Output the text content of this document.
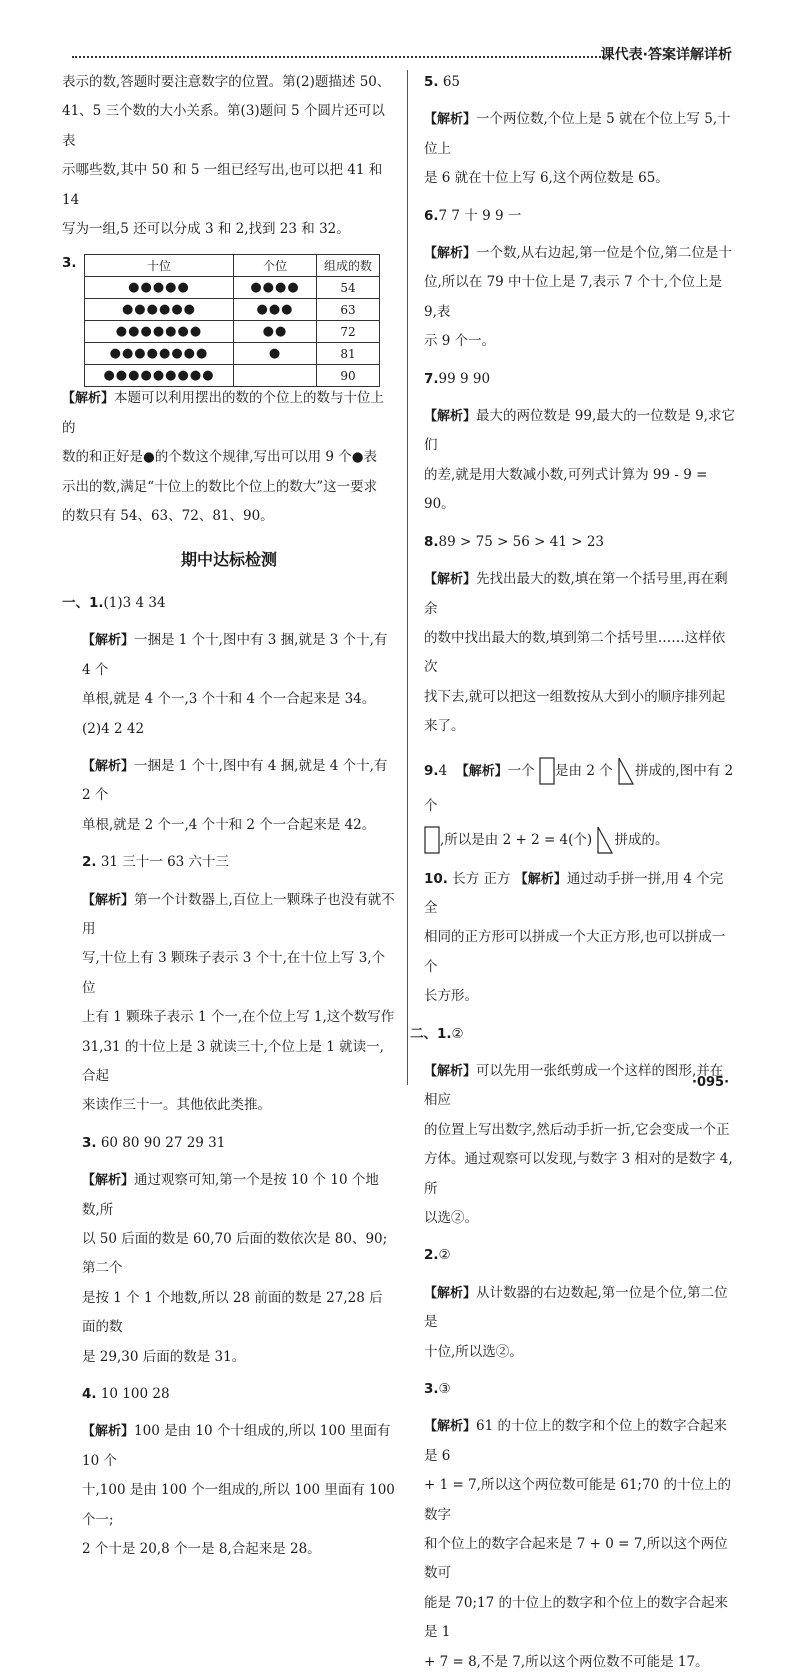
课代表·答案详解详析

表示的数,答题时要注意数字的位置。第(2)题描述 50、

41、5 三个数的大小关系。第(3)题问 5 个圆片还可以表

示哪些数,其中 50 和 5 一组已经写出,也可以把 41 和 14

写为一组,5 还可以分成 3 和 2,找到 23 和 32。

3.	十位	个位	组成的数
●●●●●	●●●●	54
●●●●●●	●●●	63
●●●●●●●	●●	72
●●●●●●●●	●	81
●●●●●●●●●		90

【解析】本题可以利用摆出的数的个位上的数与十位上的

数的和正好是●的个数这个规律,写出可以用 9 个●表

示出的数,满足“十位上的数比个位上的数大”这一要求

的数只有 54、63、72、81、90。

期中达标检测

一、1.(1)3 4 34

【解析】一捆是 1 个十,图中有 3 捆,就是 3 个十,有 4 个

单根,就是 4 个一,3 个十和 4 个一合起来是 34。

(2)4 2 42

【解析】一捆是 1 个十,图中有 4 捆,就是 4 个十,有 2 个

单根,就是 2 个一,4 个十和 2 个一合起来是 42。

2. 31 三十一 63 六十三

【解析】第一个计数器上,百位上一颗珠子也没有就不用

写,十位上有 3 颗珠子表示 3 个十,在十位上写 3,个位

上有 1 颗珠子表示 1 个一,在个位上写 1,这个数写作

31,31 的十位上是 3 就读三十,个位上是 1 就读一,合起

来读作三十一。其他依此类推。

3. 60 80 90 27 29 31

【解析】通过观察可知,第一个是按 10 个 10 个地数,所

以 50 后面的数是 60,70 后面的数依次是 80、90;第二个

是按 1 个 1 个地数,所以 28 前面的数是 27,28 后面的数

是 29,30 后面的数是 31。

4. 10 100 28

【解析】100 是由 10 个十组成的,所以 100 里面有 10 个

十,100 是由 100 个一组成的,所以 100 里面有 100 个一;

2 个十是 20,8 个一是 8,合起来是 28。

5. 65

【解析】一个两位数,个位上是 5 就在个位上写 5,十位上

是 6 就在十位上写 6,这个两位数是 65。

6.7 7 十 9 9 一

【解析】一个数,从右边起,第一位是个位,第二位是十

位,所以在 79 中十位上是 7,表示 7 个十,个位上是 9,表

示 9 个一。

7.99 9 90

【解析】最大的两位数是 99,最大的一位数是 9,求它们

的差,就是用大数减小数,可列式计算为 99 - 9 = 90。

8.89 > 75 > 56 > 41 > 23

【解析】先找出最大的数,填在第一个括号里,再在剩余

的数中找出最大的数,填到第二个括号里……这样依次

找下去,就可以把这一组数按从大到小的顺序排列起

来了。

9.4 【解析】一个 是由 2 个 拼成的,图中有 2 个

,所以是由 2 + 2 = 4(个) 拼成的。

10. 长方 正方 【解析】通过动手拼一拼,用 4 个完全

相同的正方形可以拼成一个大正方形,也可以拼成一个

长方形。

二、1.②

【解析】可以先用一张纸剪成一个这样的图形,并在相应

的位置上写出数字,然后动手折一折,它会变成一个正

方体。通过观察可以发现,与数字 3 相对的是数字 4,所

以选②。

2.②

【解析】从计数器的右边数起,第一位是个位,第二位是

十位,所以选②。

3.③

【解析】61 的十位上的数字和个位上的数字合起来是 6

+ 1 = 7,所以这个两位数可能是 61;70 的十位上的数字

和个位上的数字合起来是 7 + 0 = 7,所以这个两位数可

能是 70;17 的十位上的数字和个位上的数字合起来是 1

+ 7 = 8,不是 7,所以这个两位数不可能是 17。

·095·
